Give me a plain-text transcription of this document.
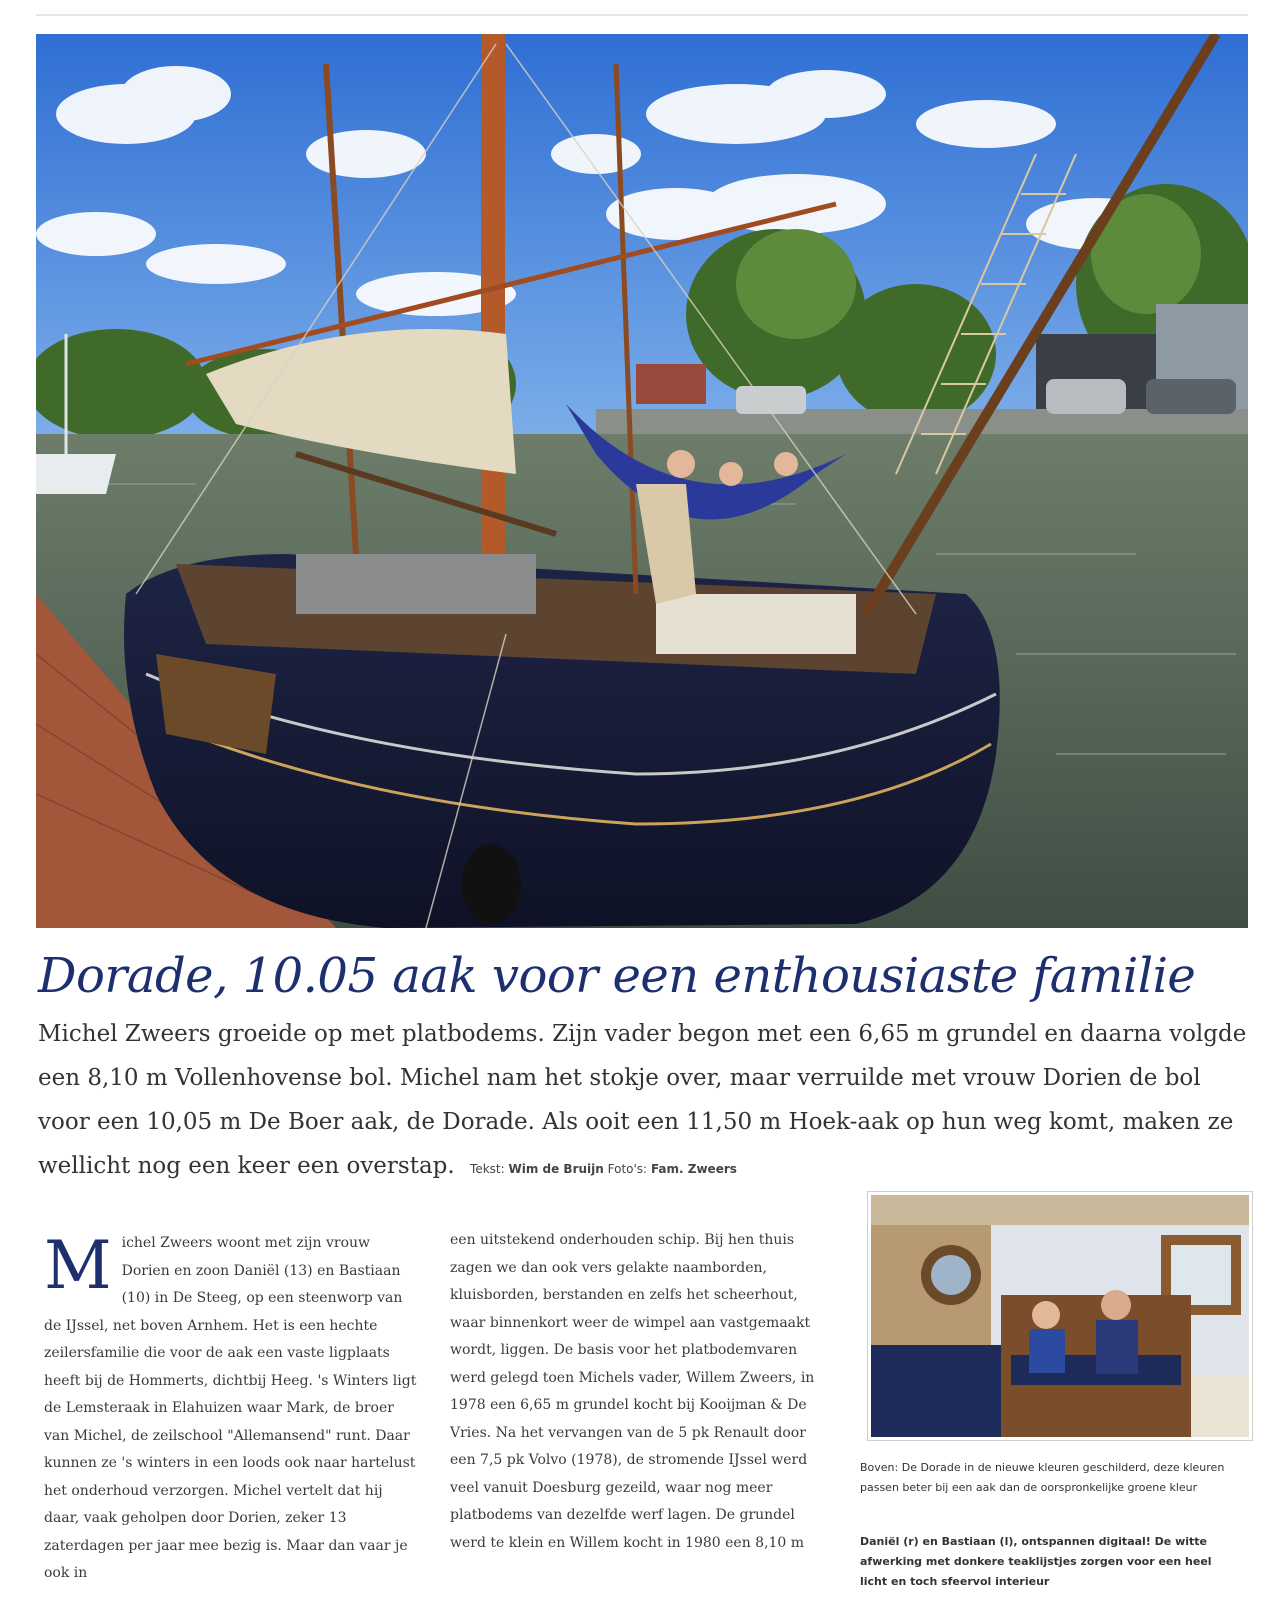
Dorade, 10.05 aak voor een enthousiaste familie
Michel Zweers groeide op met platbodems. Zijn vader begon met een 6,65 m grundel en daarna volgde een 8,10 m Vollenhovense bol. Michel nam het stokje over, maar verruilde met vrouw Dorien de bol voor een 10,05 m De Boer aak, de Dorade. Als ooit een 11,50 m Hoek-aak op hun weg komt, maken ze wellicht nog een keer een overstap. Tekst: Wim de Bruijn Foto's: Fam. Zweers
M ichel Zweers woont met zijn vrouw Dorien en zoon Daniël (13) en Bastiaan (10) in De Steeg, op een steenworp van de IJssel, net boven Arnhem. Het is een hechte zeilersfamilie die voor de aak een vaste ligplaats heeft bij de Hommerts, dichtbij Heeg. 's Winters ligt de Lemsteraak in Elahuizen waar Mark, de broer van Michel, de zeilschool "Allemansend" runt. Daar kunnen ze 's winters in een loods ook naar hartelust het onderhoud verzorgen. Michel vertelt dat hij daar, vaak geholpen door Dorien, zeker 13 zaterdagen per jaar mee bezig is. Maar dan vaar je ook in
een uitstekend onderhouden schip. Bij hen thuis zagen we dan ook vers gelakte naamborden, kluisborden, berstanden en zelfs het scheerhout, waar binnenkort weer de wimpel aan vastgemaakt wordt, liggen. De basis voor het platbodemvaren werd gelegd toen Michels vader, Willem Zweers, in 1978 een 6,65 m grundel kocht bij Kooijman & De Vries. Na het vervangen van de 5 pk Renault door een 7,5 pk Volvo (1978), de stromende IJssel werd veel vanuit Doesburg gezeild, waar nog meer platbodems van dezelfde werf lagen. De grundel werd te klein en Willem kocht in 1980 een 8,10 m
Boven: De Dorade in de nieuwe kleuren geschilderd, deze kleuren passen beter bij een aak dan de oorspronkelijke groene kleur
Daniël (r) en Bastiaan (l), ontspannen digitaal! De witte afwerking met donkere teaklijstjes zorgen voor een heel licht en toch sfeervol interieur
